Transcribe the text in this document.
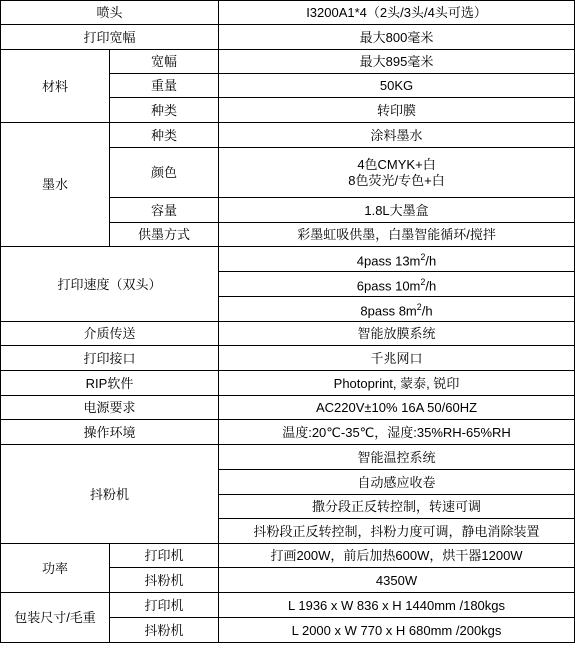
喷头		I3200A1*4（2头/3头/4头可选）
打印宽幅		最大800毫米
材料	宽幅	最大895毫米
	重量	50KG
	种类	转印膜
墨水	种类	涂料墨水
	颜色	4色CMYK+白
8色荧光/专色+白

	容量	1.8L大墨盒
	供墨方式	彩墨虹吸供墨，白墨智能循环/搅拌
打印速度（双头）		4pass $13m^2/h$
		6pass $10m^2/h$
		8pass $8m^2/h$
介质传送		智能放膜系统
打印接口		千兆网口
RIP软件		Photoprint, 蒙泰, 锐印
电源要求		AC220V±10% 16A 50/60HZ
操作环境		温度:20℃-35℃，湿度:35%RH-65%RH
抖粉机		智能温控系统
		自动感应收卷
		撒分段正反转控制，转速可调
		抖粉段正反转控制，抖粉力度可调，静电消除装置
功率	打印机	打画200W，前后加热600W，烘干器1200W
	抖粉机	4350W
包装尺寸/毛重	打印机	L 1936 x W 836 x H 1440mm /180kgs
	抖粉机	L 2000 x W 770 x H 680mm /200kgs
